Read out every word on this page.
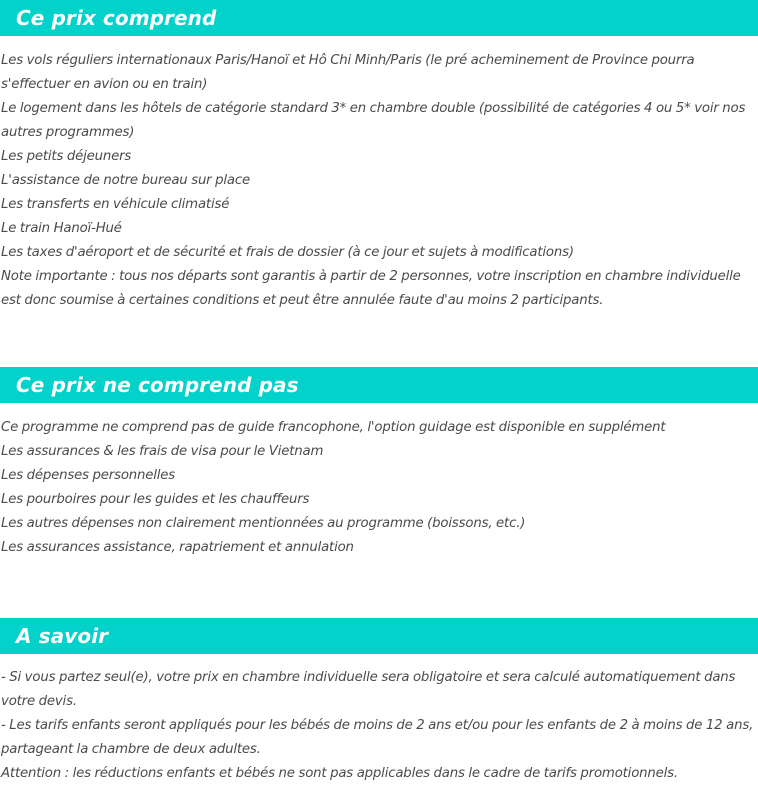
Ce prix comprend

Les vols réguliers internationaux Paris/Hanoï et Hô Chi Minh/Paris (le pré acheminement de Province pourra s'effectuer en avion ou en train)

Le logement dans les hôtels de catégorie standard 3* en chambre double (possibilité de catégories 4 ou 5* voir nos autres programmes)

Les petits déjeuners

L'assistance de notre bureau sur place

Les transferts en véhicule climatisé

Le train Hanoï-Hué

Les taxes d'aéroport et de sécurité et frais de dossier (à ce jour et sujets à modifications)

Note importante : tous nos départs sont garantis à partir de 2 personnes, votre inscription en chambre individuelle est donc soumise à certaines conditions et peut être annulée faute d'au moins 2 participants.

Ce prix ne comprend pas

Ce programme ne comprend pas de guide francophone, l'option guidage est disponible en supplément

Les assurances & les frais de visa pour le Vietnam

Les dépenses personnelles

Les pourboires pour les guides et les chauffeurs

Les autres dépenses non clairement mentionnées au programme (boissons, etc.)

Les assurances assistance, rapatriement et annulation

A savoir

- Si vous partez seul(e), votre prix en chambre individuelle sera obligatoire et sera calculé automatiquement dans votre devis.

- Les tarifs enfants seront appliqués pour les bébés de moins de 2 ans et/ou pour les enfants de 2 à moins de 12 ans, partageant la chambre de deux adultes.

Attention : les réductions enfants et bébés ne sont pas applicables dans le cadre de tarifs promotionnels.
